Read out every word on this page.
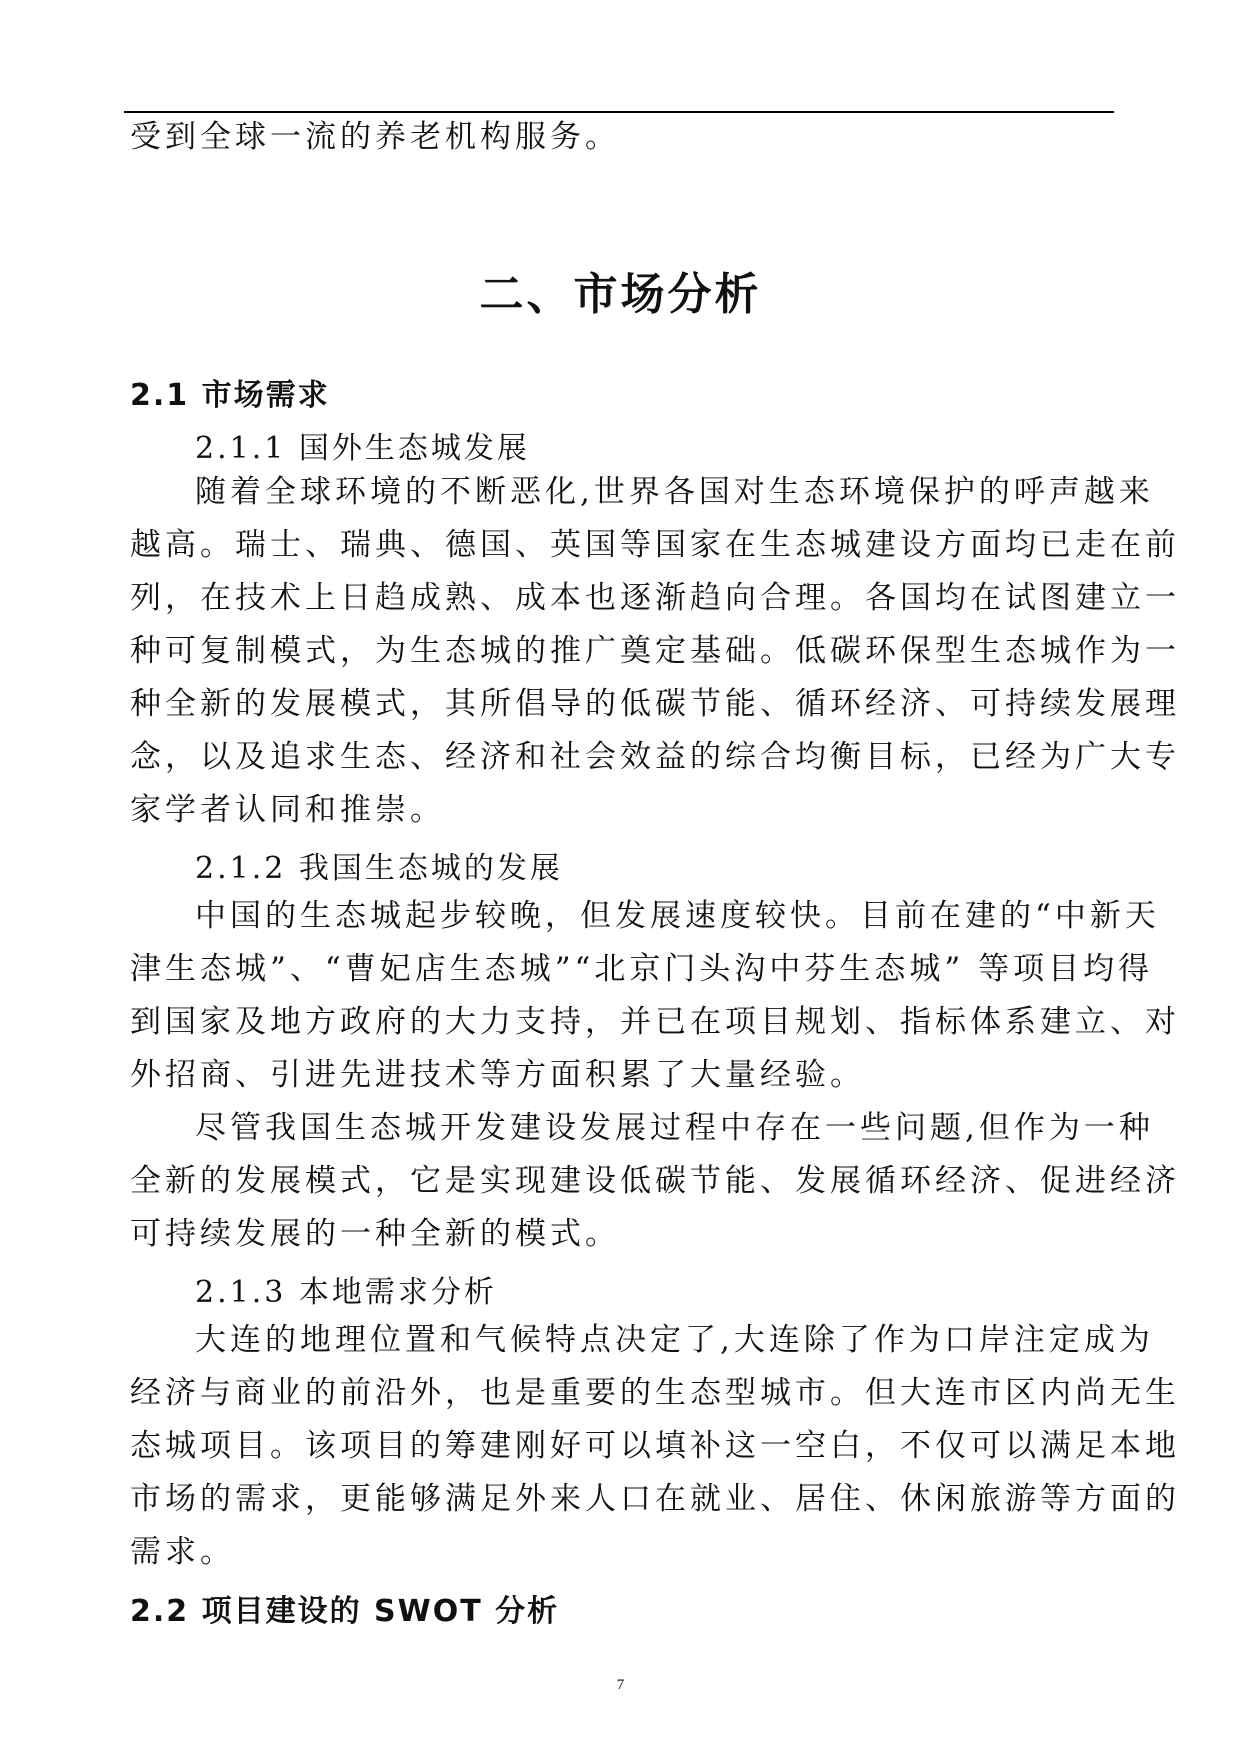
受到全球一流的养老机构服务。
二、市场分析
2.1 市场需求
2.1.1 国外生态城发展
随着全球环境的不断恶化,世界各国对生态环境保护的呼声越来
越高。瑞士、瑞典、德国、英国等国家在生态城建设方面均已走在前
列，在技术上日趋成熟、成本也逐渐趋向合理。各国均在试图建立一
种可复制模式，为生态城的推广奠定基础。低碳环保型生态城作为一
种全新的发展模式，其所倡导的低碳节能、循环经济、可持续发展理
念，以及追求生态、经济和社会效益的综合均衡目标，已经为广大专
家学者认同和推崇。
2.1.2 我国生态城的发展
中国的生态城起步较晚，但发展速度较快。目前在建的“中新天
津生态城”、“曹妃店生态城”“北京门头沟中芬生态城” 等项目均得
到国家及地方政府的大力支持，并已在项目规划、指标体系建立、对
外招商、引进先进技术等方面积累了大量经验。
尽管我国生态城开发建设发展过程中存在一些问题,但作为一种
全新的发展模式，它是实现建设低碳节能、发展循环经济、促进经济
可持续发展的一种全新的模式。
2.1.3 本地需求分析
大连的地理位置和气候特点决定了,大连除了作为口岸注定成为
经济与商业的前沿外，也是重要的生态型城市。但大连市区内尚无生
态城项目。该项目的筹建刚好可以填补这一空白，不仅可以满足本地
市场的需求，更能够满足外来人口在就业、居住、休闲旅游等方面的
需求。
2.2 项目建设的 SWOT 分析
7
